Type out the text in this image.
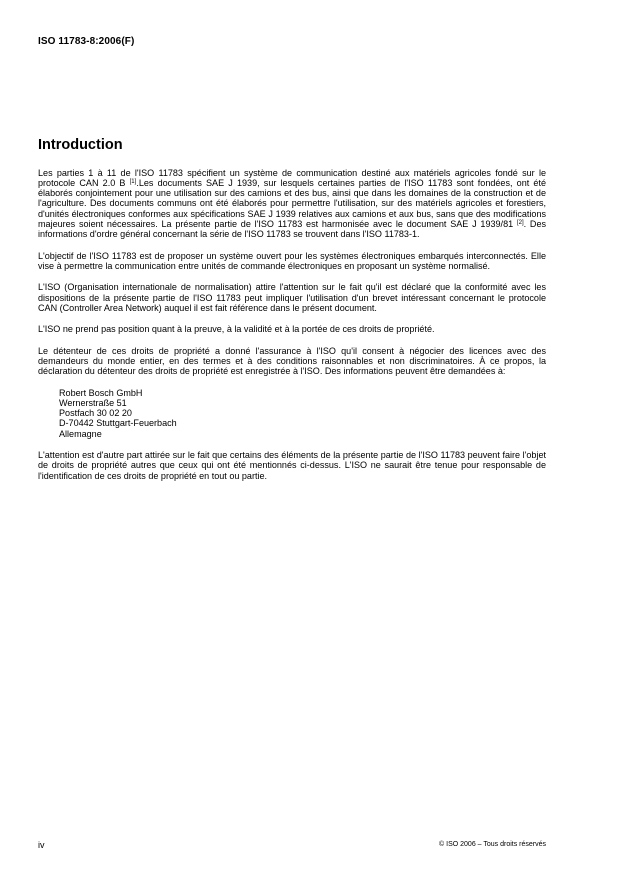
ISO 11783-8:2006(F)
Introduction

Les parties 1 à 11 de l'ISO 11783 spécifient un système de communication destiné aux matériels agricoles fondé sur le protocole CAN 2.0 B [1].Les documents SAE J 1939, sur lesquels certaines parties de l'ISO 11783 sont fondées, ont été élaborés conjointement pour une utilisation sur des camions et des bus, ainsi que dans les domaines de la construction et de l'agriculture. Des documents communs ont été élaborés pour permettre l'utilisation, sur des matériels agricoles et forestiers, d'unités électroniques conformes aux spécifications SAE J 1939 relatives aux camions et aux bus, sans que des modifications majeures soient nécessaires. La présente partie de l'ISO 11783 est harmonisée avec le document SAE J 1939/81 [2]. Des informations d'ordre général concernant la série de l'ISO 11783 se trouvent dans l'ISO 11783-1.

L'objectif de l'ISO 11783 est de proposer un système ouvert pour les systèmes électroniques embarqués interconnectés. Elle vise à permettre la communication entre unités de commande électroniques en proposant un système normalisé.

L'ISO (Organisation internationale de normalisation) attire l'attention sur le fait qu'il est déclaré que la conformité avec les dispositions de la présente partie de l'ISO 11783 peut impliquer l'utilisation d'un brevet intéressant concernant le protocole CAN (Controller Area Network) auquel il est fait référence dans le présent document.

L'ISO ne prend pas position quant à la preuve, à la validité et à la portée de ces droits de propriété.

Le détenteur de ces droits de propriété a donné l'assurance à l'ISO qu'il consent à négocier des licences avec des demandeurs du monde entier, en des termes et à des conditions raisonnables et non discriminatoires. À ce propos, la déclaration du détenteur des droits de propriété est enregistrée à l'ISO. Des informations peuvent être demandées à:

Robert Bosch GmbH
Wernerstraße 51
Postfach 30 02 20
D-70442 Stuttgart-Feuerbach
Allemagne

L'attention est d'autre part attirée sur le fait que certains des éléments de la présente partie de l'ISO 11783 peuvent faire l'objet de droits de propriété autres que ceux qui ont été mentionnés ci-dessus. L'ISO ne saurait être tenue pour responsable de l'identification de ces droits de propriété en tout ou partie.

iv	© ISO 2006 – Tous droits réservés
